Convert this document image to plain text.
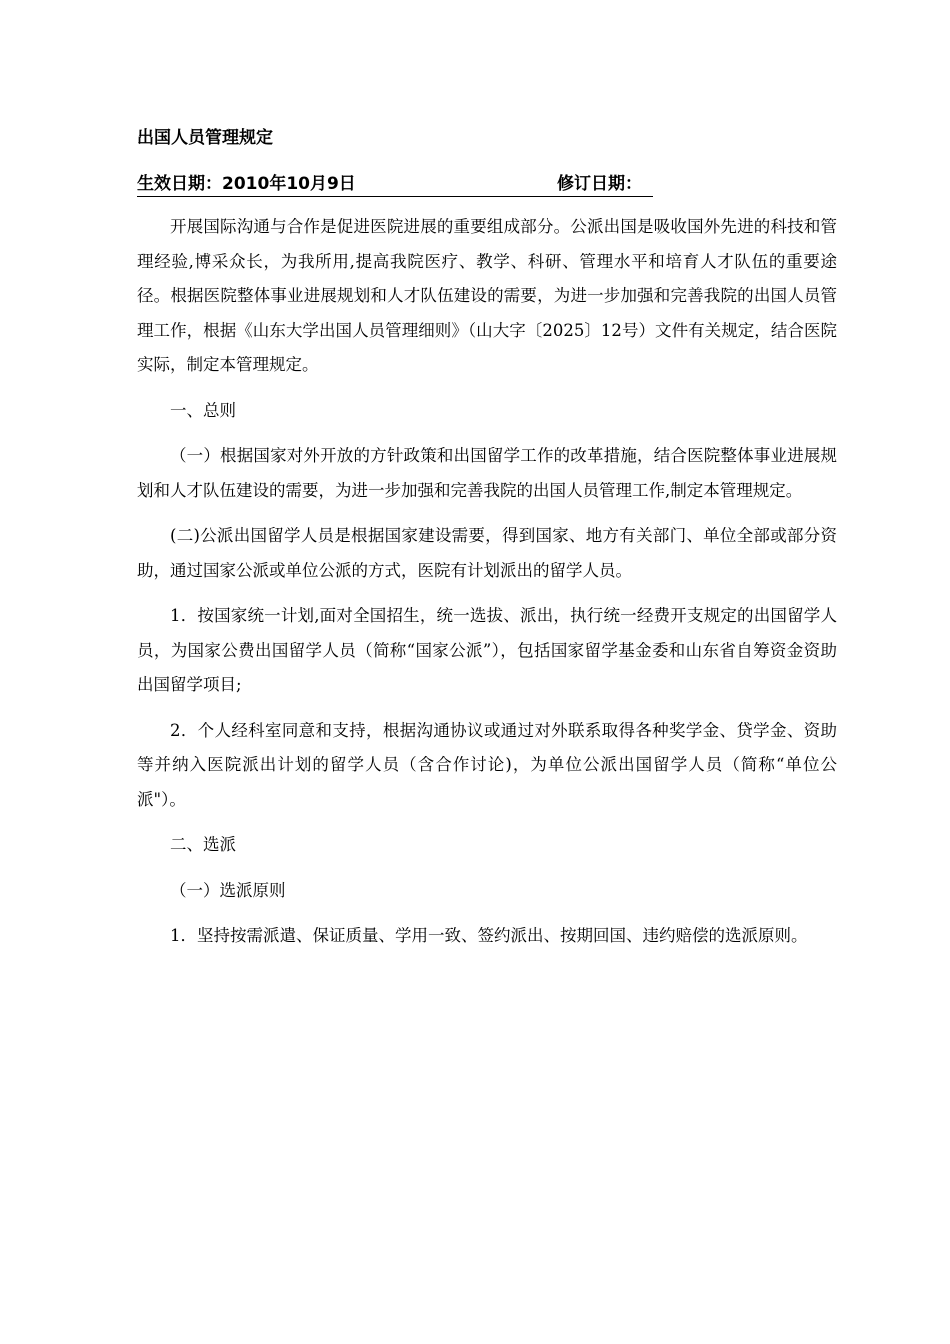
出国人员管理规定
生效日期：2010年10月9日	修订日期：

开展国际沟通与合作是促进医院进展的重要组成部分。公派出国是吸收国外先进的科技和管理经验,博采众长，为我所用,提高我院医疗、教学、科研、管理水平和培育人才队伍的重要途径。根据医院整体事业进展规划和人才队伍建设的需要，为进一步加强和完善我院的出国人员管理工作，根据《山东大学出国人员管理细则》（山大字〔2025〕12号）文件有关规定，结合医院实际，制定本管理规定。

一、总则

（一）根据国家对外开放的方针政策和出国留学工作的改革措施，结合医院整体事业进展规划和人才队伍建设的需要，为进一步加强和完善我院的出国人员管理工作,制定本管理规定。

(二)公派出国留学人员是根据国家建设需要，得到国家、地方有关部门、单位全部或部分资助，通过国家公派或单位公派的方式，医院有计划派出的留学人员。

1．按国家统一计划,面对全国招生，统一选拔、派出，执行统一经费开支规定的出国留学人员，为国家公费出国留学人员（简称“国家公派”），包括国家留学基金委和山东省自筹资金资助出国留学项目;

2．个人经科室同意和支持，根据沟通协议或通过对外联系取得各种奖学金、贷学金、资助等并纳入医院派出计划的留学人员（含合作讨论)，为单位公派出国留学人员（简称“单位公派"）。

二、选派

（一）选派原则

1．坚持按需派遣、保证质量、学用一致、签约派出、按期回国、违约赔偿的选派原则。
